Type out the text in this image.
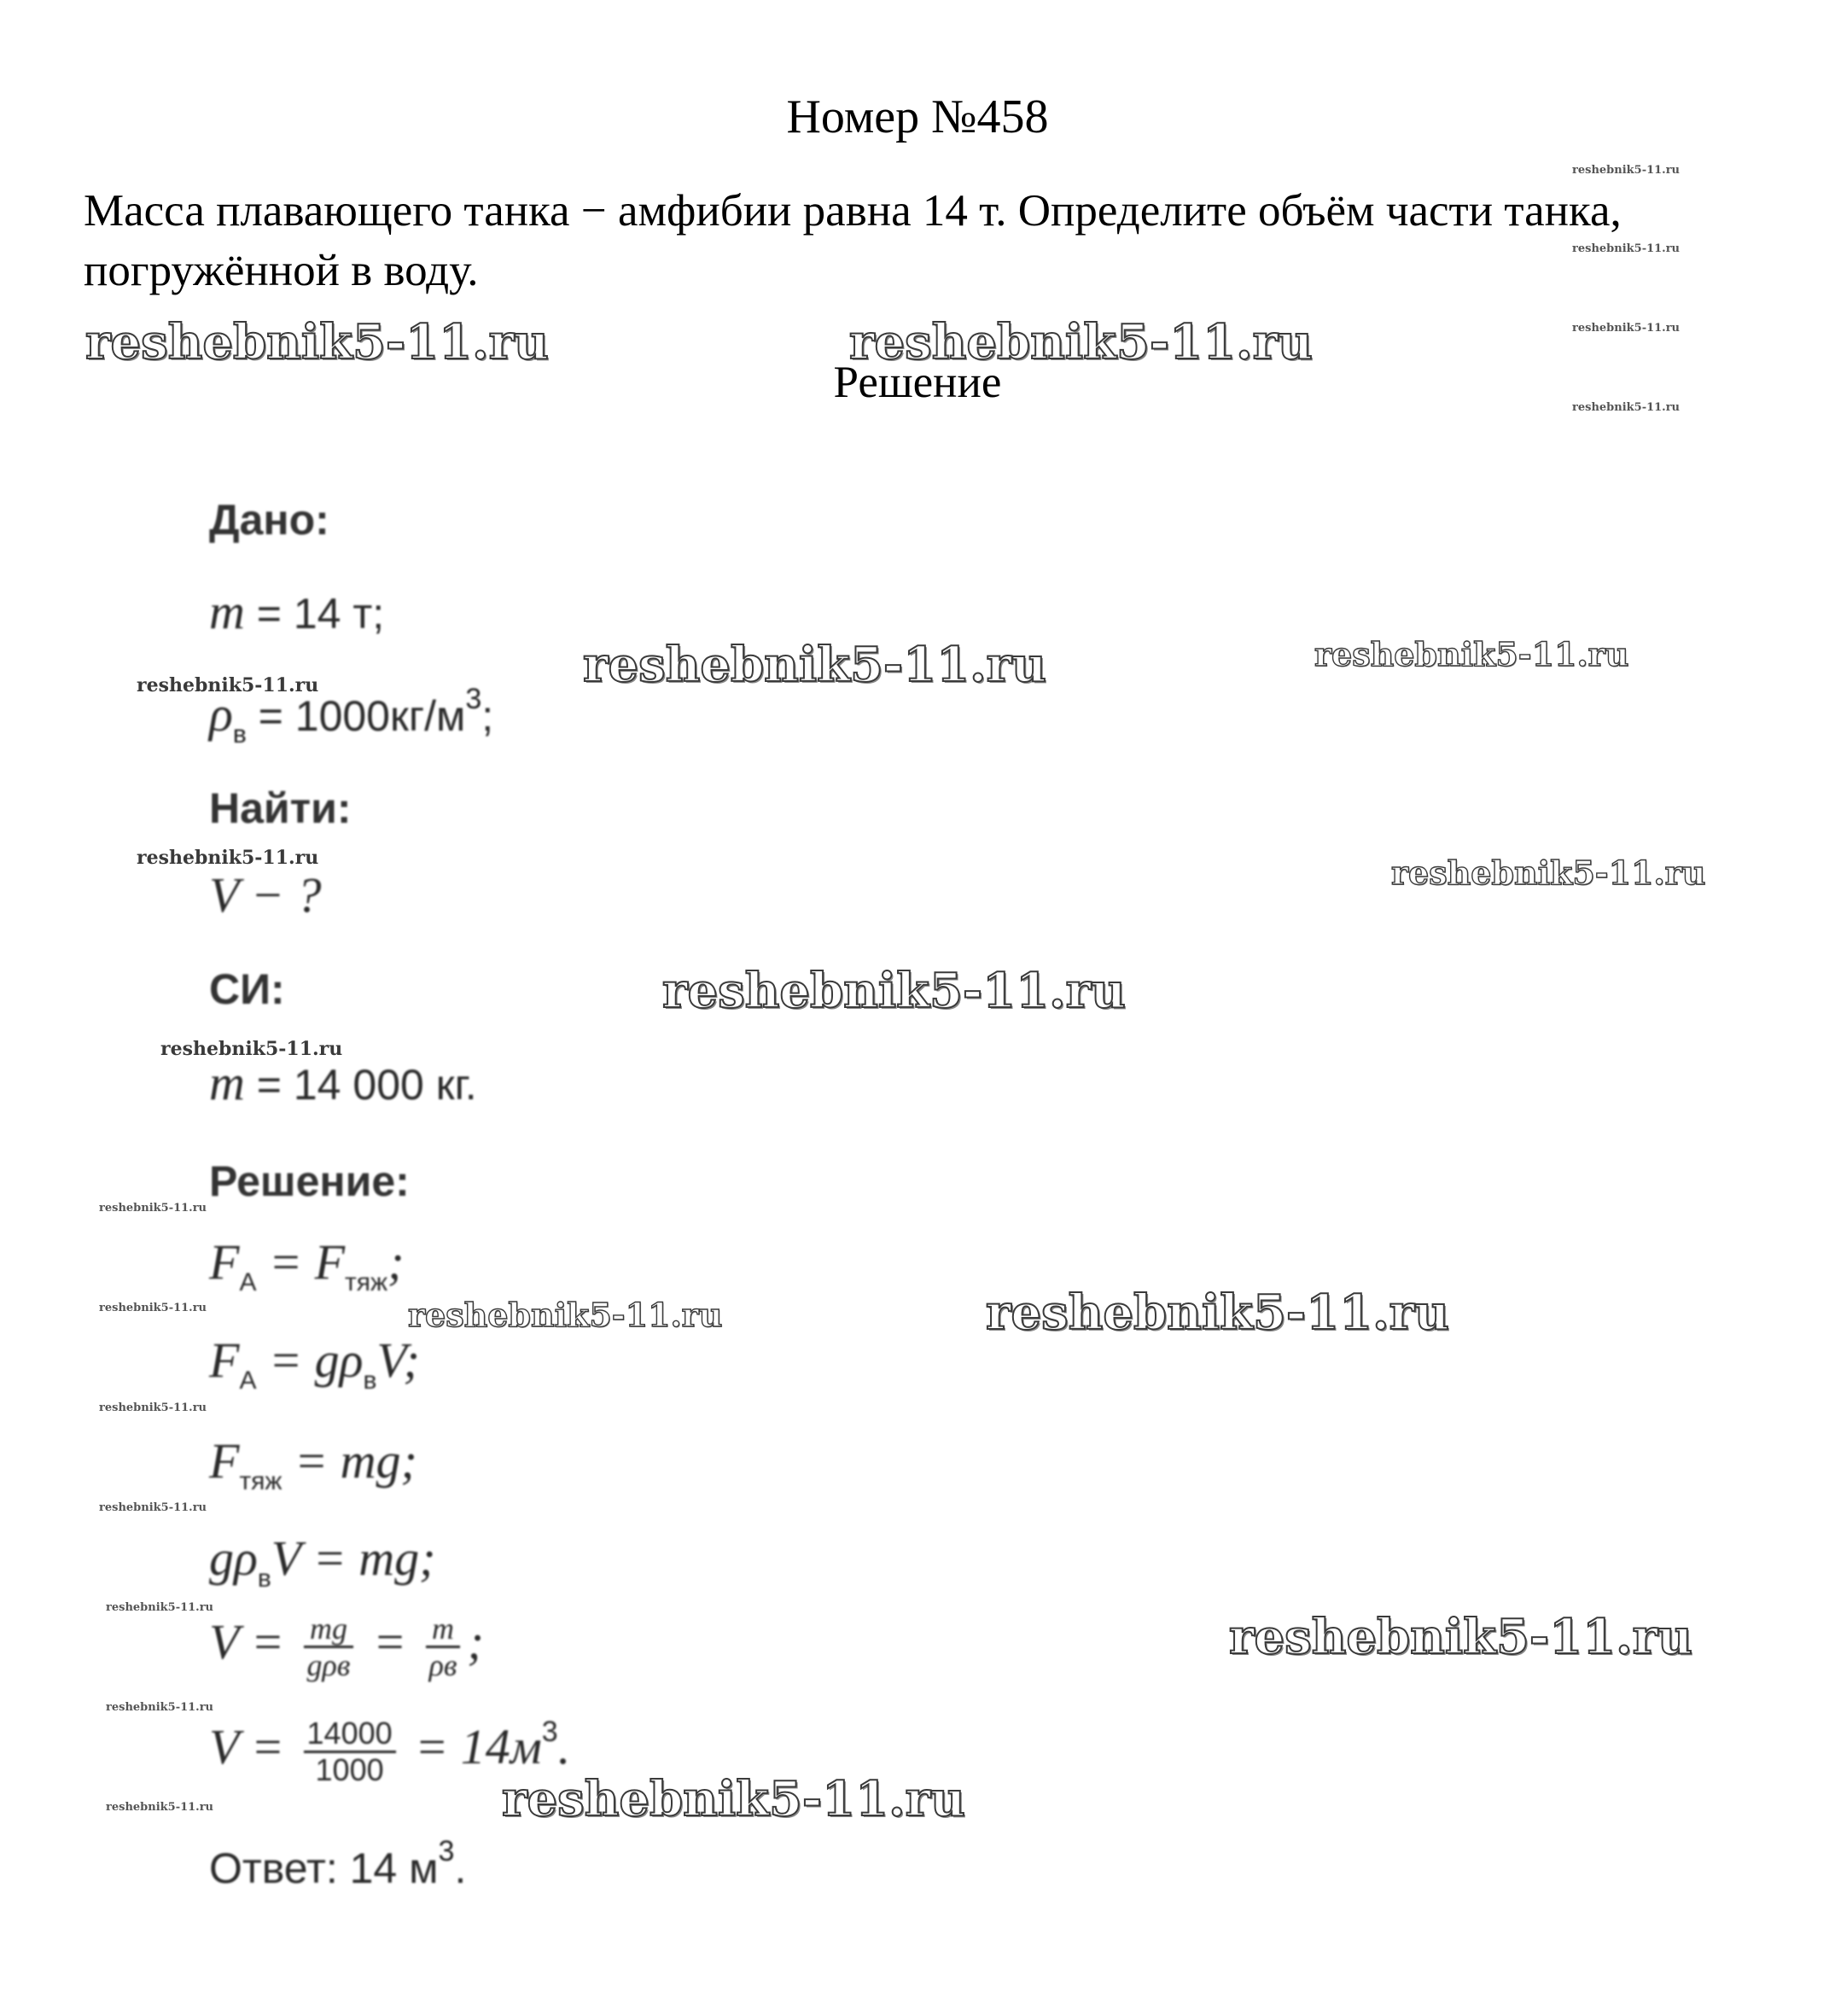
Номер №458
Масса плавающего танка − амфибии равна 14 т. Определите объём части танка, погружённой в воду.
Решение
Дано:
m = 14 т;
ρв = 1000кг/м3;
Найти:
V − ?
СИ:
m = 14 000 кг.
Решение:
$F_А = F_{тяж}$;
$F_А = g\rho_вV$;
$F_{тяж}$ = mg;
$g\rho_вV$ = mg;
$V = \frac{mg}{\text{gρв}} = \frac{m}{\rho в}$ ;
$V = \frac{14000}{1000} = 14м^3$.
Ответ: 14 м3.
reshebnik5-11.ru	reshebnik5-11.ru
reshebnik5-11.ru	reshebnik5-11.ru
reshebnik5-11.ru
reshebnik5-11.ru
reshebnik5-11.ru
reshebnik5-11.ru
reshebnik5-11.ru
reshebnik5-11.ru
reshebnik5-11.ru
reshebnik5-11.ru
reshebnik5-11.ru
reshebnik5-11.ru
reshebnik5-11.ru
reshebnik5-11.ru
reshebnik5-11.ru
reshebnik5-11.ru
reshebnik5-11.ru
reshebnik5-11.ru
reshebnik5-11.ru
reshebnik5-11.ru
reshebnik5-11.ru
reshebnik5-11.ru
